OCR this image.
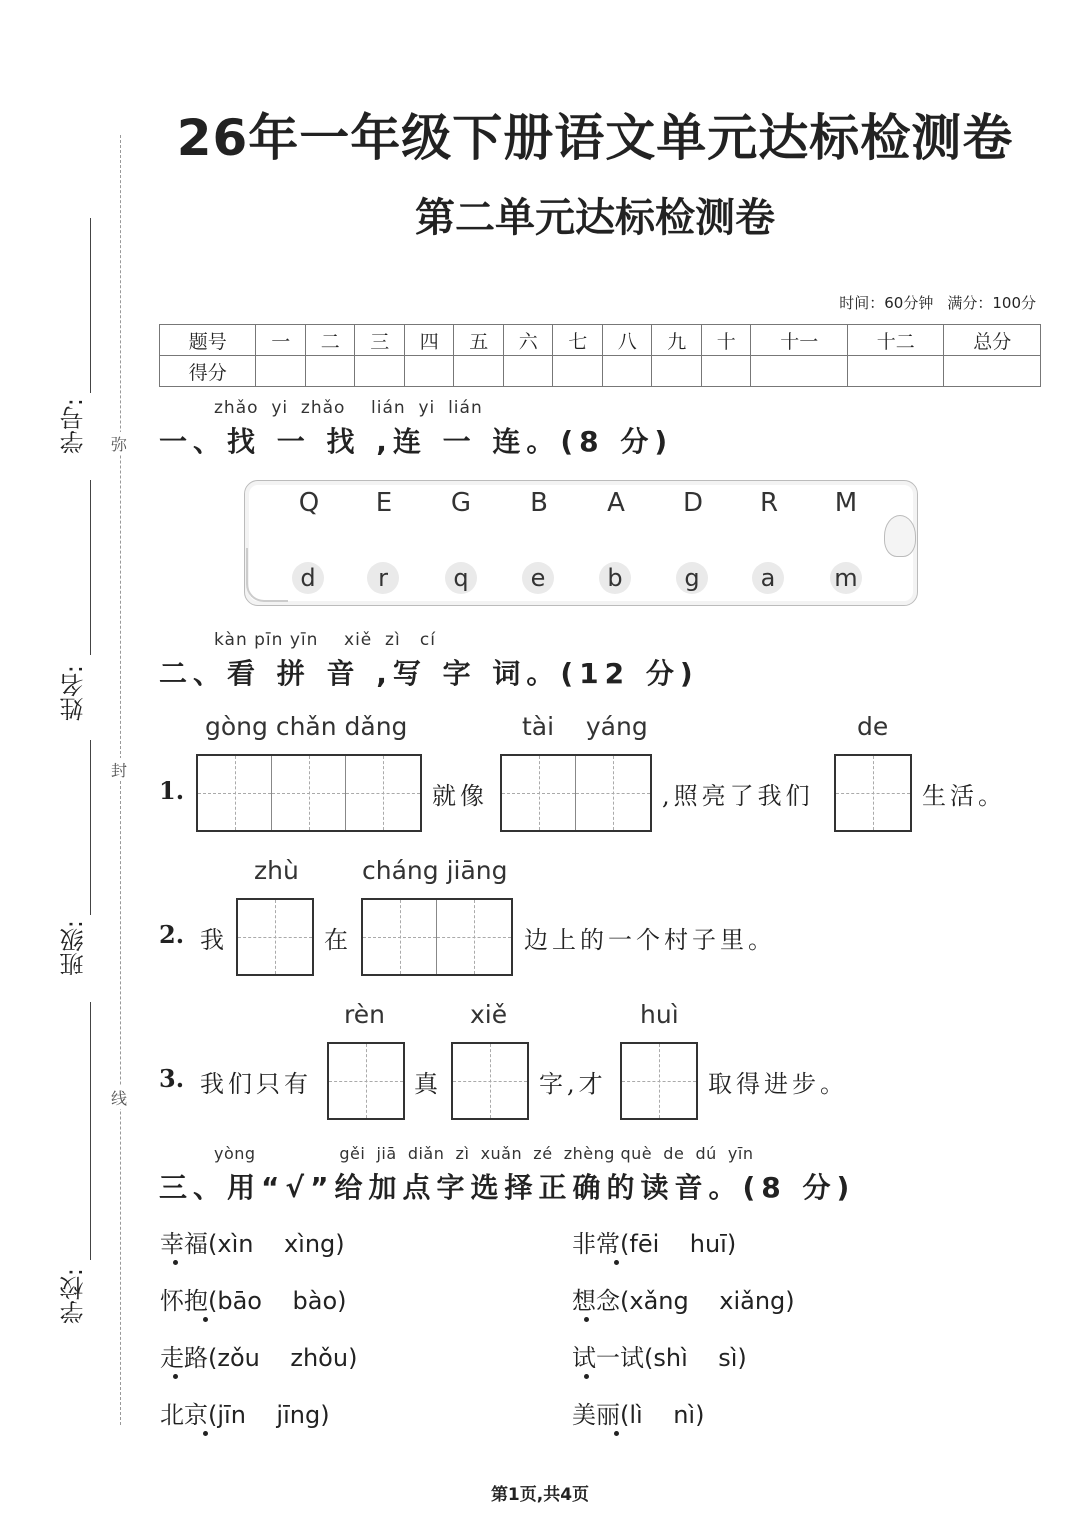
学号:
姓名:
班级:
学校:
弥
封
线
26年一年级下册语文单元达标检测卷
第二单元达标检测卷
时间：60分钟 满分：100分
题号	一	二	三	四	五	六	七	八	九	十	十一	十二	总分
得分													
zhǎo  yi  zhǎo    lián  yi  lián
一、找 一 找 ,连 一 连。(8 分)
Q	E	G	B	A	D	R	M
d	r	q	e	b	g	a	m
kàn pīn yīn    xiě  zì   cí
二、看 拼 音 ,写 字 词。(12 分)
gòng chǎn dǎng	tài    yáng	de
1.	就像	,照亮了我们	生活。
zhù	cháng jiāng
2. 我	在	边上的一个村子里。
rèn	xiě	huì
3. 我们只有	真	字,才	取得进步。
yòng               gěi  jiā  diǎn  zì  xuǎn  zé  zhèng què  de  dú  yīn
三、用“√”给加点字选择正确的读音。(8 分)
幸福(xìn    xìng)	非常(fēi    huī)
怀抱(bāo    bào)	想念(xǎng    xiǎng)
走路(zǒu    zhǒu)	试一试(shì    sì)
北京(jīn    jīng)	美丽(lì    nì)
第1页,共4页
